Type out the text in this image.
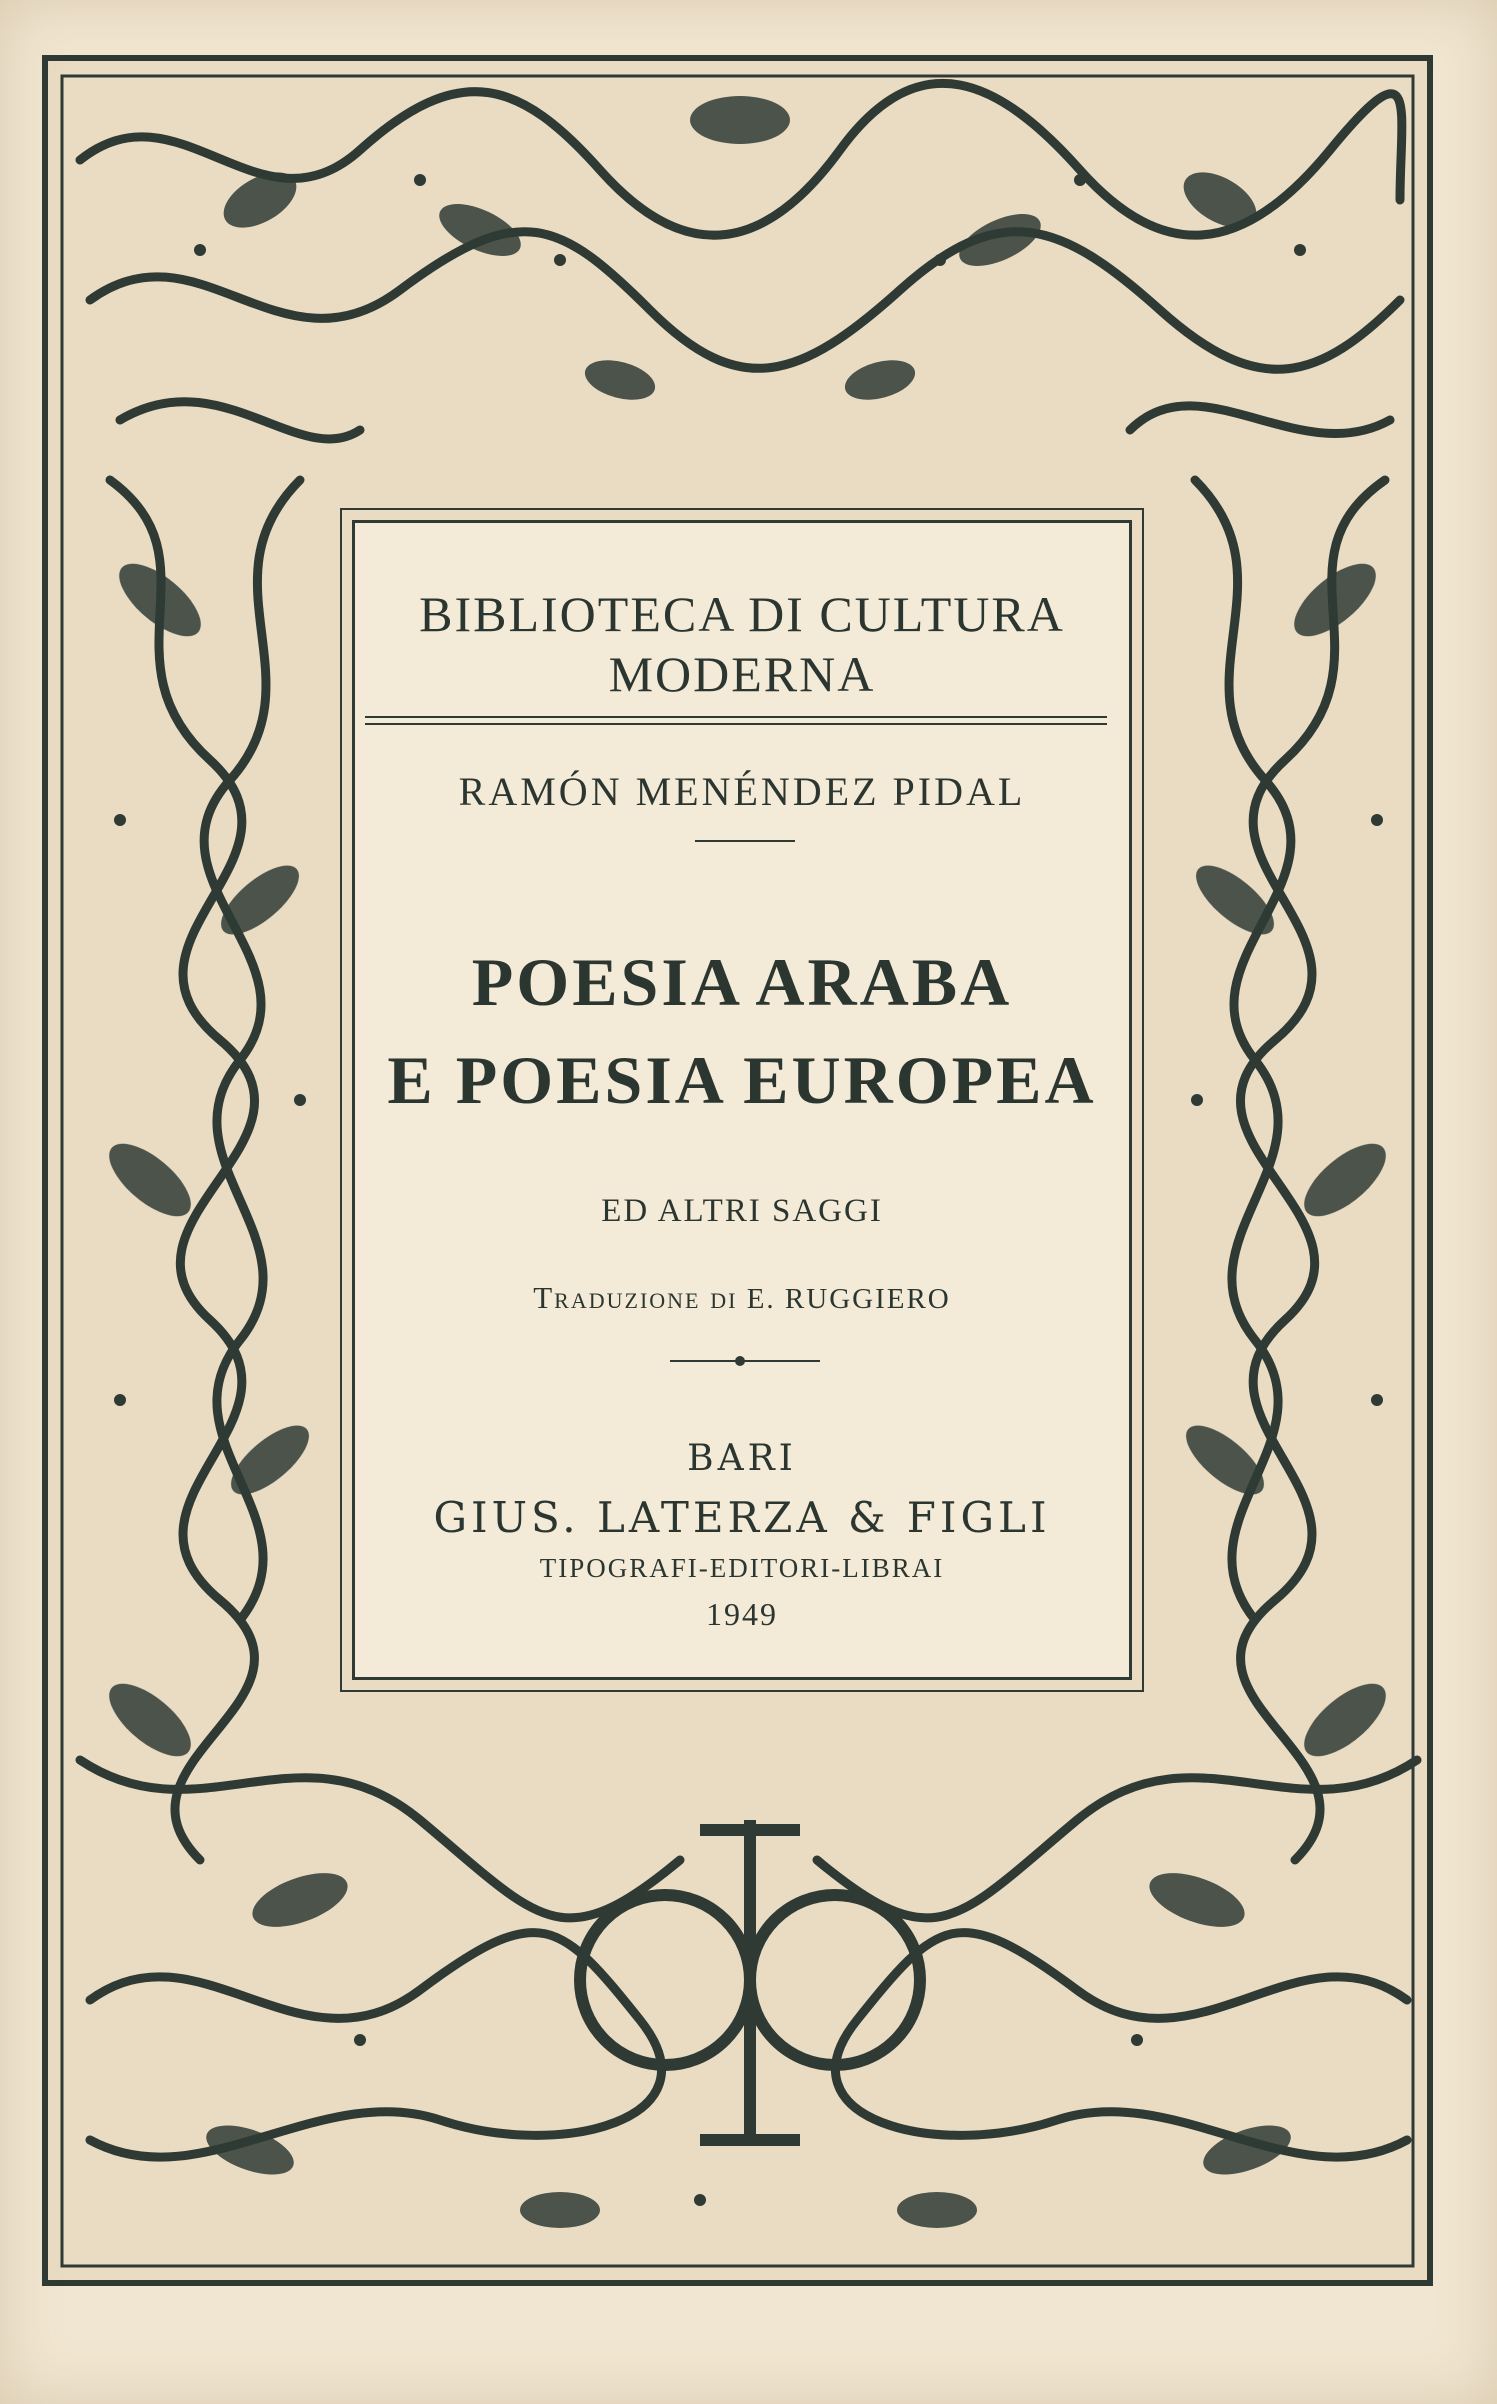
BIBLIOTECA DI CULTURA
MODERNA
RAMÓN MENÉNDEZ PIDAL
POESIA ARABA
E POESIA EUROPEA
ED ALTRI SAGGI
Traduzione di E. RUGGIERO
BARI
GIUS. LATERZA & FIGLI
TIPOGRAFI-EDITORI-LIBRAI
1949
